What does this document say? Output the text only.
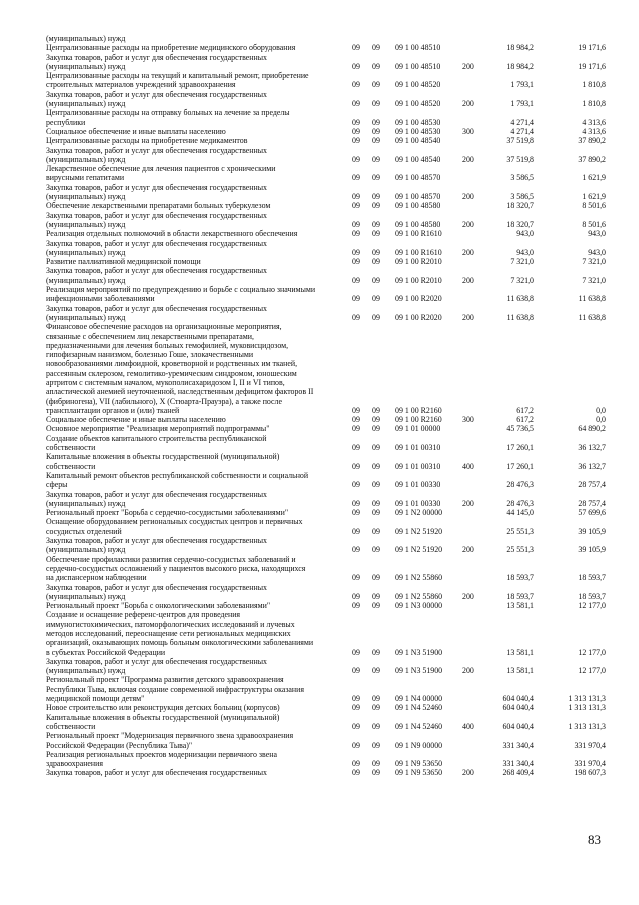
(муниципальных) нужд
Централизованные расходы на приобретение медицинского оборудования	09 09 09 1 00 48510	18 984,2	19 171,6
Закупка товаров, работ и услуг для обеспечения государственных
(муниципальных) нужд	09 09 09 1 00 48510	200	18 984,2	19 171,6
Централизованные расходы на текущий и капитальный ремонт, приобретение
строительных материалов учреждений здравоохранения	09 09 09 1 00 48520	1 793,1	1 810,8
Закупка товаров, работ и услуг для обеспечения государственных
(муниципальных) нужд	09 09 09 1 00 48520	200	1 793,1	1 810,8
Централизованные расходы на отправку больных на лечение за пределы
республики	09 09 09 1 00 48530	4 271,4	4 313,6
Социальное обеспечение и иные выплаты населению	09 09 09 1 00 48530	300	4 271,4	4 313,6
Централизованные расходы на приобретение медикаментов	09 09 09 1 00 48540	37 519,8	37 890,2
Закупка товаров, работ и услуг для обеспечения государственных
(муниципальных) нужд	09 09 09 1 00 48540	200	37 519,8	37 890,2
Лекарственное обеспечение для лечения пациентов с хроническими
вирусными гепатитами	09 09 09 1 00 48570	3 586,5	1 621,9
Закупка товаров, работ и услуг для обеспечения государственных
(муниципальных) нужд	09 09 09 1 00 48570	200	3 586,5	1 621,9
Обеспечение лекарственными препаратами больных туберкулезом	09 09 09 1 00 48580	18 320,7	8 501,6
Закупка товаров, работ и услуг для обеспечения государственных
(муниципальных) нужд	09 09 09 1 00 48580	200	18 320,7	8 501,6
Реализация отдельных полномочий в области лекарственного обеспечения	09 09 09 1 00 R1610	943,0	943,0
Закупка товаров, работ и услуг для обеспечения государственных
(муниципальных) нужд	09 09 09 1 00 R1610	200	943,0	943,0
Развитие паллиативной медицинской помощи	09 09 09 1 00 R2010	7 321,0	7 321,0
Закупка товаров, работ и услуг для обеспечения государственных
(муниципальных) нужд	09 09 09 1 00 R2010	200	7 321,0	7 321,0
Реализация мероприятий по предупреждению и борьбе с социально значимыми
инфекционными заболеваниями	09 09 09 1 00 R2020	11 638,8	11 638,8
Закупка товаров, работ и услуг для обеспечения государственных
(муниципальных) нужд	09 09 09 1 00 R2020	200	11 638,8	11 638,8
Финансовое обеспечение расходов на организационные мероприятия,
связанные с обеспечением лиц лекарственными препаратами,
предназначенными для лечения больных гемофилией, муковисцидозом,
гипофизарным нанизмом, болезнью Гоше, злокачественными
новообразованиями лимфоидной, кроветворной и родственных им тканей,
рассеянным склерозом, гемолитико-уремическим синдромом, юношеским
артритом с системным началом, мукополисахаридозом I, II и VI типов,
апластической анемией неуточненной, наследственным дефицитом факторов II
(фибриногена), VII (лабильного), X (Стюарта-Прауэра), а также после
трансплантации органов и (или) тканей	09 09 09 1 00 R2160	617,2	0,0
Социальное обеспечение и иные выплаты населению	09 09 09 1 00 R2160	300	617,2	0,0
Основное мероприятие "Реализация мероприятий подпрограммы"	09 09 09 1 01 00000	45 736,5	64 890,2
Создание объектов капитального строительства республиканской
собственности	09 09 09 1 01 00310	17 260,1	36 132,7
Капитальные вложения в объекты государственной (муниципальной)
собственности	09 09 09 1 01 00310	400	17 260,1	36 132,7
Капитальный ремонт объектов республиканской собственности и социальной
сферы	09 09 09 1 01 00330	28 476,3	28 757,4
Закупка товаров, работ и услуг для обеспечения государственных
(муниципальных) нужд	09 09 09 1 01 00330	200	28 476,3	28 757,4
Региональный проект "Борьба с сердечно-сосудистыми заболеваниями"	09 09 09 1 N2 00000	44 145,0	57 699,6
Оснащение оборудованием региональных сосудистых центров и первичных
сосудистых отделений	09 09 09 1 N2 51920	25 551,3	39 105,9
Закупка товаров, работ и услуг для обеспечения государственных
(муниципальных) нужд	09 09 09 1 N2 51920	200	25 551,3	39 105,9
Обеспечение профилактики развития сердечно-сосудистых заболеваний и
сердечно-сосудистых осложнений у пациентов высокого риска, находящихся
на диспансерном наблюдении	09 09 09 1 N2 55860	18 593,7	18 593,7
Закупка товаров, работ и услуг для обеспечения государственных
(муниципальных) нужд	09 09 09 1 N2 55860	200	18 593,7	18 593,7
Региональный проект "Борьба с онкологическими заболеваниями"	09 09 09 1 N3 00000	13 581,1	12 177,0
Создание и оснащение референс-центров для проведения
иммуногистохимических, патоморфологических исследований и лучевых
методов исследований, переоснащение сети региональных медицинских
организаций, оказывающих помощь больным онкологическими заболеваниями
в субъектах Российской Федерации	09 09 09 1 N3 51900	13 581,1	12 177,0
Закупка товаров, работ и услуг для обеспечения государственных
(муниципальных) нужд	09 09 09 1 N3 51900	200	13 581,1	12 177,0
Региональный проект "Программа развития детского здравоохранения
Республики Тыва, включая создание современной инфраструктуры оказания
медицинской помощи детям"	09 09 09 1 N4 00000	604 040,4	1 313 131,3
Новое строительство или реконструкция детских больниц (корпусов)	09 09 09 1 N4 52460	604 040,4	1 313 131,3
Капитальные вложения в объекты государственной (муниципальной)
собственности	09 09 09 1 N4 52460	400	604 040,4	1 313 131,3
Региональный проект "Модернизация первичного звена здравоохранения
Российской Федерации (Республика Тыва)"	09 09 09 1 N9 00000	331 340,4	331 970,4
Реализация региональных проектов модернизации первичного звена
здравоохранения	09 09 09 1 N9 53650	331 340,4	331 970,4
Закупка товаров, работ и услуг для обеспечения государственных	09 09 09 1 N9 53650	200	268 409,4	198 607,3
83
